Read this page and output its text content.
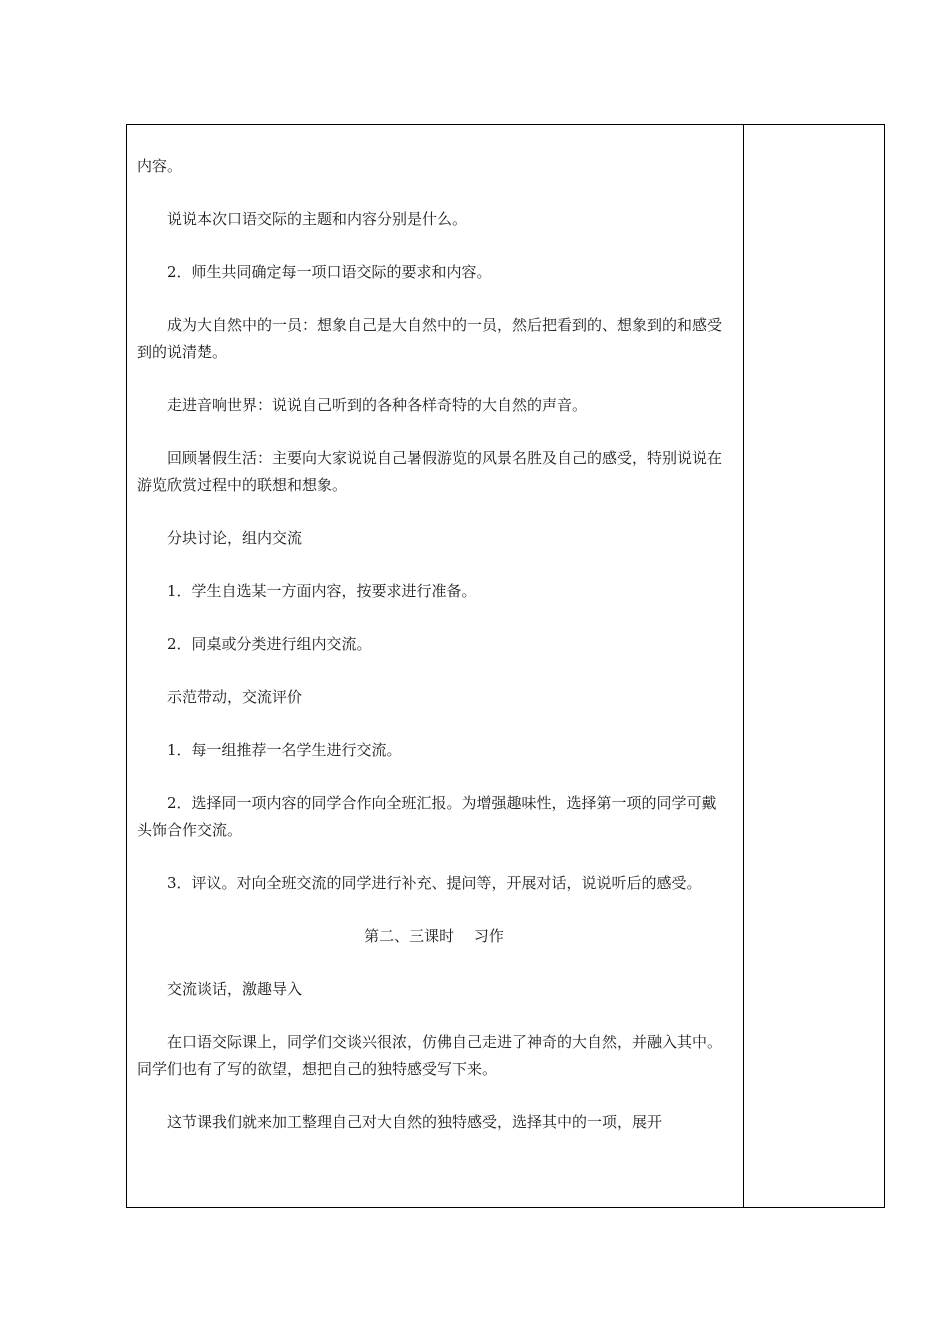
内容。

说说本次口语交际的主题和内容分别是什么。

2．师生共同确定每一项口语交际的要求和内容。

成为大自然中的一员：想象自己是大自然中的一员，然后把看到的、想象到的和感受到的说清楚。

走进音响世界：说说自己听到的各种各样奇特的大自然的声音。

回顾暑假生活：主要向大家说说自己暑假游览的风景名胜及自己的感受，特别说说在游览欣赏过程中的联想和想象。

分块讨论，组内交流

1．学生自选某一方面内容，按要求进行准备。

2．同桌或分类进行组内交流。

示范带动，交流评价

1．每一组推荐一名学生进行交流。

2．选择同一项内容的同学合作向全班汇报。为增强趣味性，选择第一项的同学可戴头饰合作交流。

3．评议。对向全班交流的同学进行补充、提问等，开展对话，说说听后的感受。

第二、三课时　 习作

交流谈话，激趣导入

在口语交际课上，同学们交谈兴很浓，仿佛自己走进了神奇的大自然，并融入其中。同学们也有了写的欲望，想把自己的独特感受写下来。

这节课我们就来加工整理自己对大自然的独特感受，选择其中的一项，展开
